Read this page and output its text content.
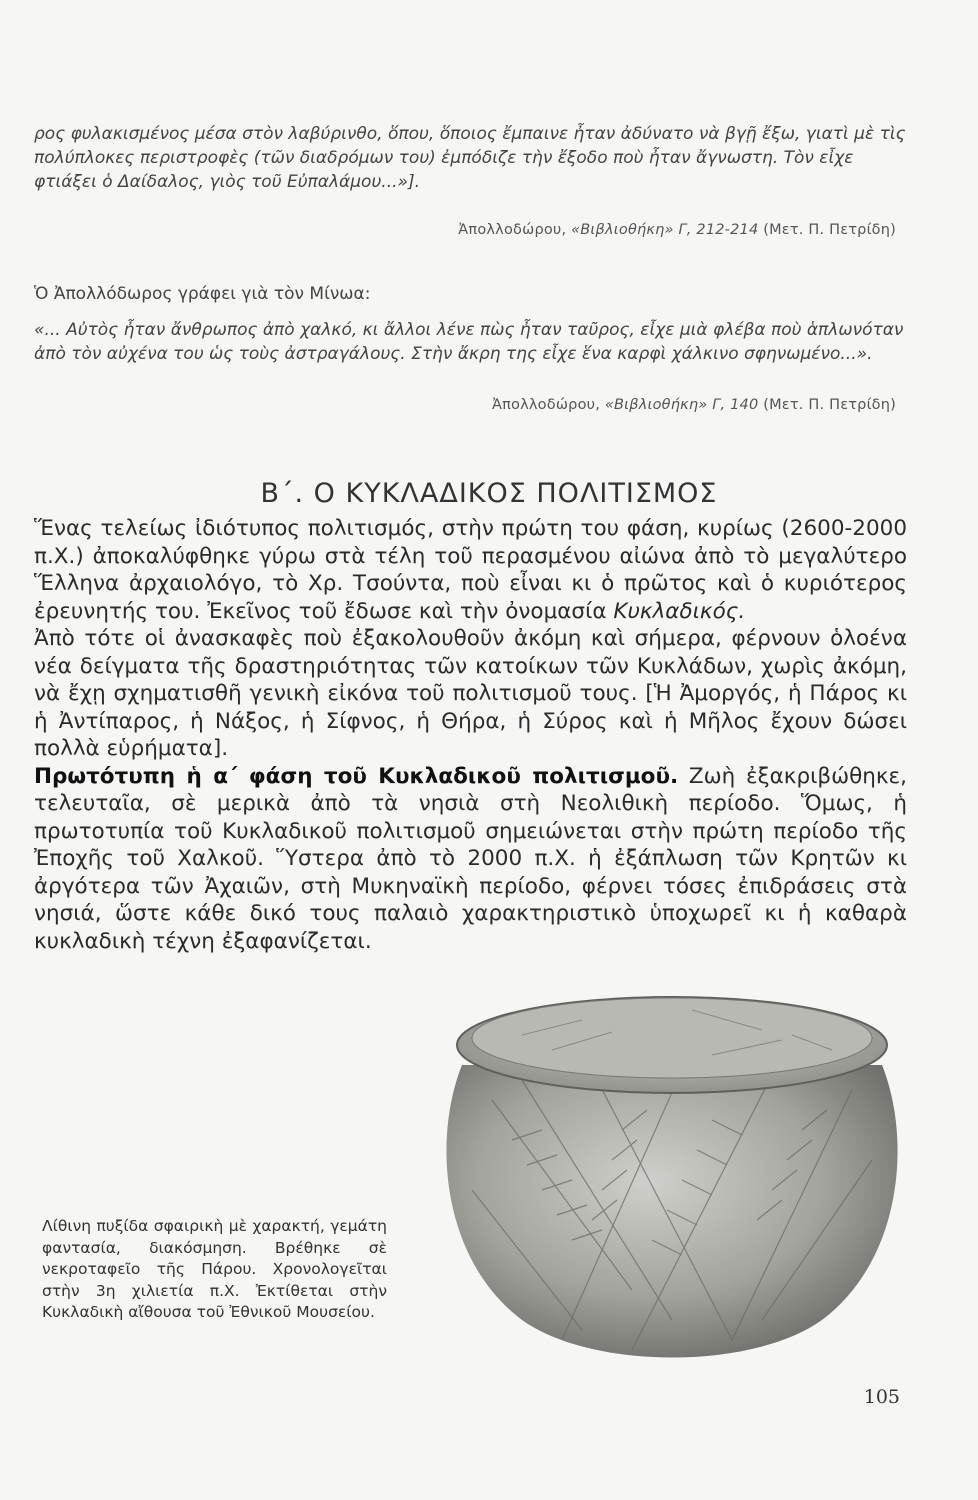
ρος φυλακισμένος μέσα στὸν λαβύρινθο, ὅπου, ὅποιος ἔμπαινε ἦταν ἀδύνατο νὰ βγῇ ἔξω, γιατὶ μὲ τὶς πολύπλοκες περιστροφὲς (τῶν διαδρόμων του) ἐμπόδιζε τὴν ἔξοδο ποὺ ἦταν ἄγνωστη. Τὸν εἶχε φτιάξει ὁ Δαίδαλος, γιὸς τοῦ Εὐπαλάμου...»].

Ἀπολλοδώρου, «Βιβλιοθήκη» Γ, 212-214 (Μετ. Π. Πετρίδη)
Ὁ Ἀπολλόδωρος γράφει γιὰ τὸν Μίνωα:

«... Αὐτὸς ἦταν ἄνθρωπος ἀπὸ χαλκό, κι ἄλλοι λένε πὼς ἦταν ταῦρος, εἶχε μιὰ φλέβα ποὺ ἁπλωνόταν ἀπὸ τὸν αὐχένα του ὡς τοὺς ἀστραγάλους. Στὴν ἄκρη της εἶχε ἕνα καρφὶ χάλκινο σφηνωμένο...».

Ἀπολλοδώρου, «Βιβλιοθήκη» Γ, 140 (Μετ. Π. Πετρίδη)
Β΄. Ο ΚΥΚΛΑΔΙΚΟΣ ΠΟΛΙΤΙΣΜΟΣ

Ἕνας τελείως ἰδιότυπος πολιτισμός, στὴν πρώτη του φάση, κυρίως (2600-2000 π.Χ.) ἀποκαλύφθηκε γύρω στὰ τέλη τοῦ περασμένου αἰώνα ἀπὸ τὸ μεγαλύτερο Ἕλληνα ἀρχαιολόγο, τὸ Χρ. Τσούντα, ποὺ εἶναι κι ὁ πρῶτος καὶ ὁ κυριότερος ἐρευνητής του. Ἐκεῖνος τοῦ ἔδωσε καὶ τὴν ὀνομασία Κυκλαδικός.

Ἀπὸ τότε οἱ ἀνασκαφὲς ποὺ ἐξακολουθοῦν ἀκόμη καὶ σήμερα, φέρνουν ὁλοένα νέα δείγματα τῆς δραστηριότητας τῶν κατοίκων τῶν Κυκλάδων, χωρὶς ἀκόμη, νὰ ἔχῃ σχηματισθῆ γενικὴ εἰκόνα τοῦ πολιτισμοῦ τους. [Ἡ Ἀμοργός, ἡ Πάρος κι ἡ Ἀντίπαρος, ἡ Νάξος, ἡ Σίφνος, ἡ Θήρα, ἡ Σύρος καὶ ἡ Μῆλος ἔχουν δώσει πολλὰ εὑρήματα].

Πρωτότυπη ἡ α΄ φάση τοῦ Κυκλαδικοῦ πολιτισμοῦ. Ζωὴ ἐξακριβώθηκε, τελευταῖα, σὲ μερικὰ ἀπὸ τὰ νησιὰ στὴ Νεολιθικὴ περίοδο. Ὅμως, ἡ πρωτοτυπία τοῦ Κυκλαδικοῦ πολιτισμοῦ σημειώνεται στὴν πρώτη περίοδο τῆς Ἐποχῆς τοῦ Χαλκοῦ. Ὕστερα ἀπὸ τὸ 2000 π.Χ. ἡ ἐξάπλωση τῶν Κρητῶν κι ἀργότερα τῶν Ἀχαιῶν, στὴ Μυκηναϊκὴ περίοδο, φέρνει τόσες ἐπιδράσεις στὰ νησιά, ὥστε κάθε δικό τους παλαιὸ χαρακτηριστικὸ ὑποχωρεῖ κι ἡ καθαρὰ κυκλαδικὴ τέχνη ἐξαφανίζεται.

Λίθινη πυξίδα σφαιρικὴ μὲ χαρακτή, γεμάτη φαντασία, διακόσμηση. Βρέθηκε σὲ νεκροταφεῖο τῆς Πάρου. Χρονολογεῖται στὴν 3η χιλιετία π.Χ. Ἐκτίθεται στὴν Κυκλαδικὴ αἴθουσα τοῦ Ἐθνικοῦ Μουσείου.
105
